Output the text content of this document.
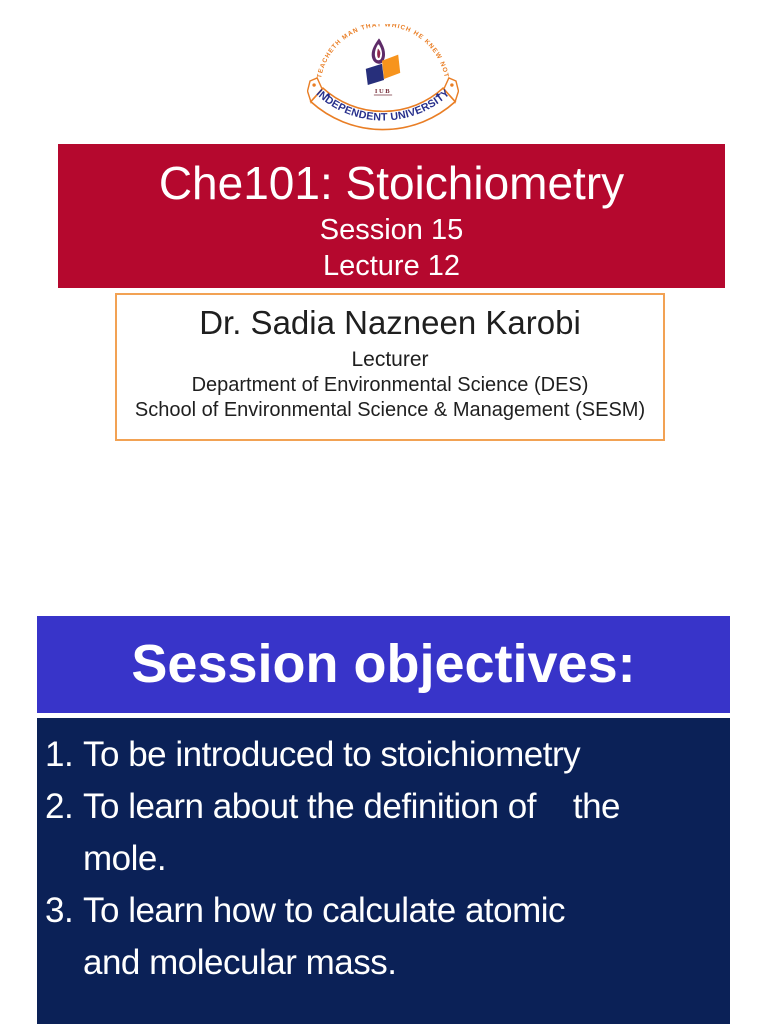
TEACHETH MAN THAT WHICH HE KNEW NOT
IUB
INDEPENDENT UNIVERSITY
Che101: Stoichiometry
Session 15
Lecture 12
Dr. Sadia Nazneen Karobi
Lecturer
Department of Environmental Science (DES)
School of Environmental Science & Management (SESM)
Session objectives:
1. To be introduced to stoichiometry
2. To learn about the definition of    the
mole.
3. To learn how to calculate atomic
and molecular mass.
